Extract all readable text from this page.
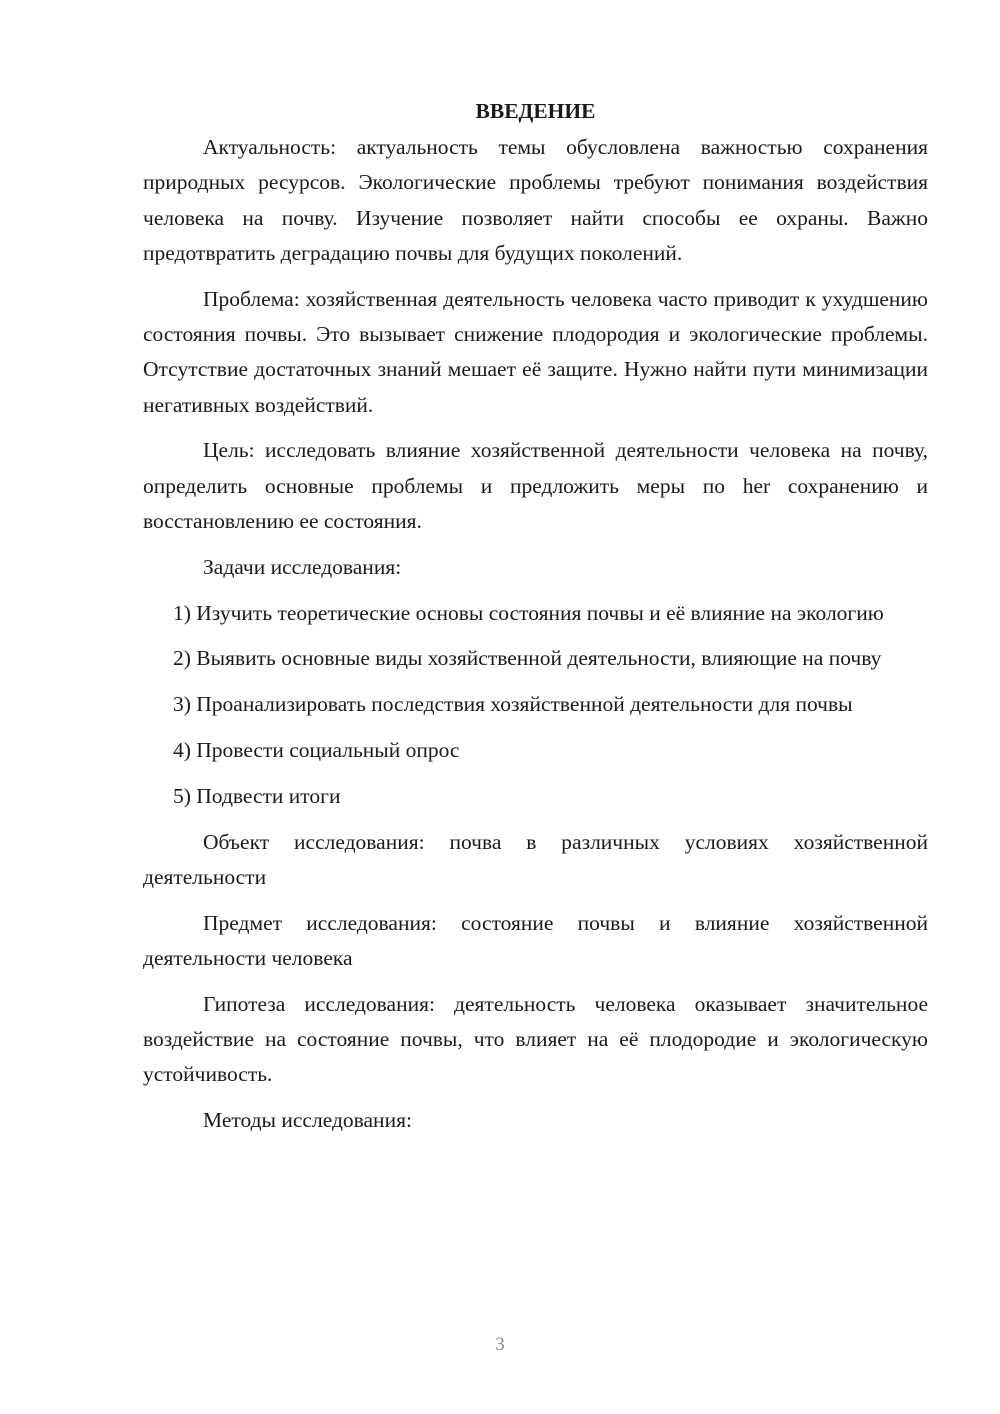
ВВЕДЕНИЕ

Актуальность: актуальность темы обусловлена важностью сохранения природных ресурсов. Экологические проблемы требуют понимания воздействия человека на почву. Изучение позволяет найти способы ее охраны. Важно предотвратить деградацию почвы для будущих поколений.

Проблема: хозяйственная деятельность человека часто приводит к ухудшению состояния почвы. Это вызывает снижение плодородия и экологические проблемы. Отсутствие достаточных знаний мешает её защите. Нужно найти пути минимизации негативных воздействий.

Цель: исследовать влияние хозяйственной деятельности человека на почву, определить основные проблемы и предложить меры по her сохранению и восстановлению ее состояния.

Задачи исследования:

1) Изучить теоретические основы состояния почвы и её влияние на экологию

2) Выявить основные виды хозяйственной деятельности, влияющие на почву

3) Проанализировать последствия хозяйственной деятельности для почвы

4) Провести социальный опрос

5) Подвести итоги

Объект исследования: почва в различных условиях хозяйственной деятельности

Предмет исследования: состояние почвы и влияние хозяйственной деятельности человека

Гипотеза исследования: деятельность человека оказывает значительное воздействие на состояние почвы, что влияет на её плодородие и экологическую устойчивость.

Методы исследования:

3
